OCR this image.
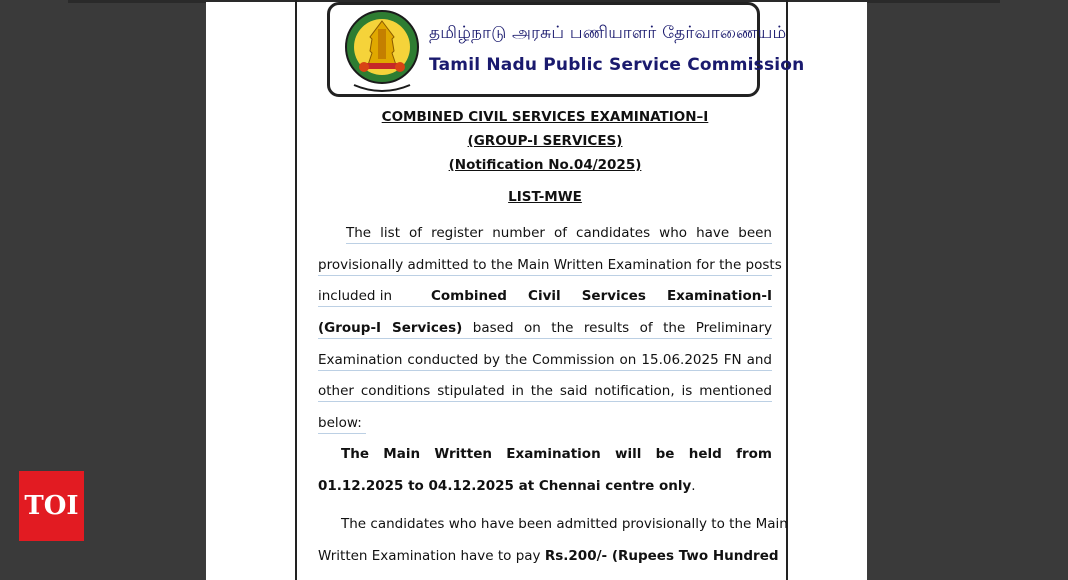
தமிழ்நாடு அரசுப் பணியாளர் தேர்வாணையம்
Tamil Nadu Public Service Commission
COMBINED CIVIL SERVICES EXAMINATION–I
(GROUP-I SERVICES)
(Notification No.04/2025)
LIST-MWE
The list of register number of candidates who have been
provisionally admitted to the Main Written Examination for the posts
included in	Combined Civil Services Examination-I
(Group-I Services) based on the results of the Preliminary
Examination conducted by the Commission on 15.06.2025 FN and
other conditions stipulated in the said notification, is mentioned
below:
The Main Written Examination will be held from
01.12.2025 to 04.12.2025 at Chennai centre only.
The candidates who have been admitted provisionally to the Main
Written Examination have to pay Rs.200/- (Rupees Two Hundred
TOI
